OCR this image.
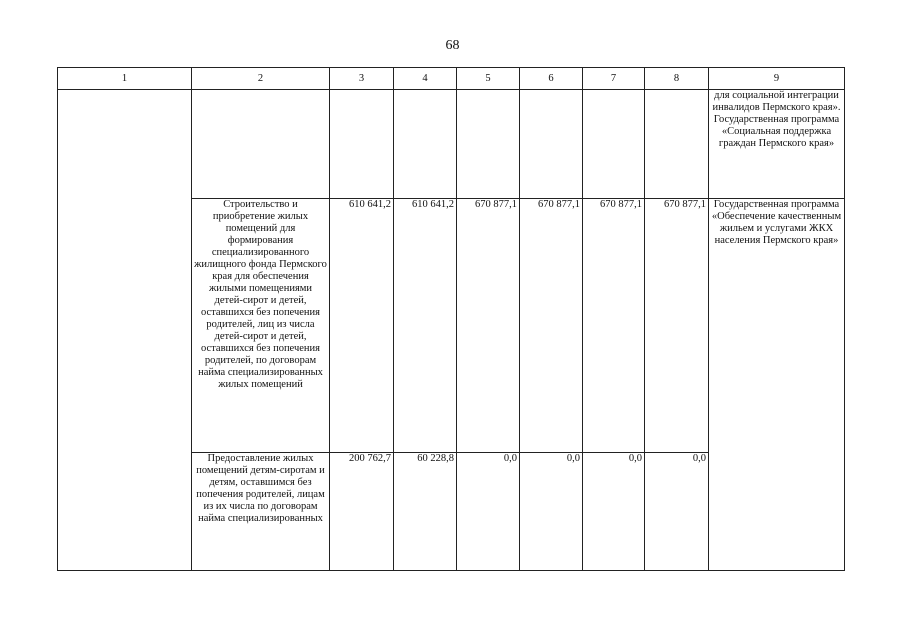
68
1	2	3	4	5	6	7	8	9
								для социальной интеграции инвалидов Пермского края». Государственная программа «Социальная поддержка граждан Пермского края»
	Строительство и приобретение жилых помещений для формирования специализированного жилищного фонда Пермского края для обеспечения жилыми помещениями детей-сирот и детей, оставшихся без попечения родителей, лиц из числа детей-сирот и детей, оставшихся без попечения родителей, по договорам найма специализированных жилых помещений	610 641,2	610 641,2	670 877,1	670 877,1	670 877,1	670 877,1	Государственная программа «Обеспечение качественным жильем и услугами ЖКХ населения Пермского края»
	Предоставление жилых помещений детям-сиротам и детям, оставшимся без попечения родителей, лицам из их числа по договорам найма специализированных	200 762,7	60 228,8	0,0	0,0	0,0	0,0	
